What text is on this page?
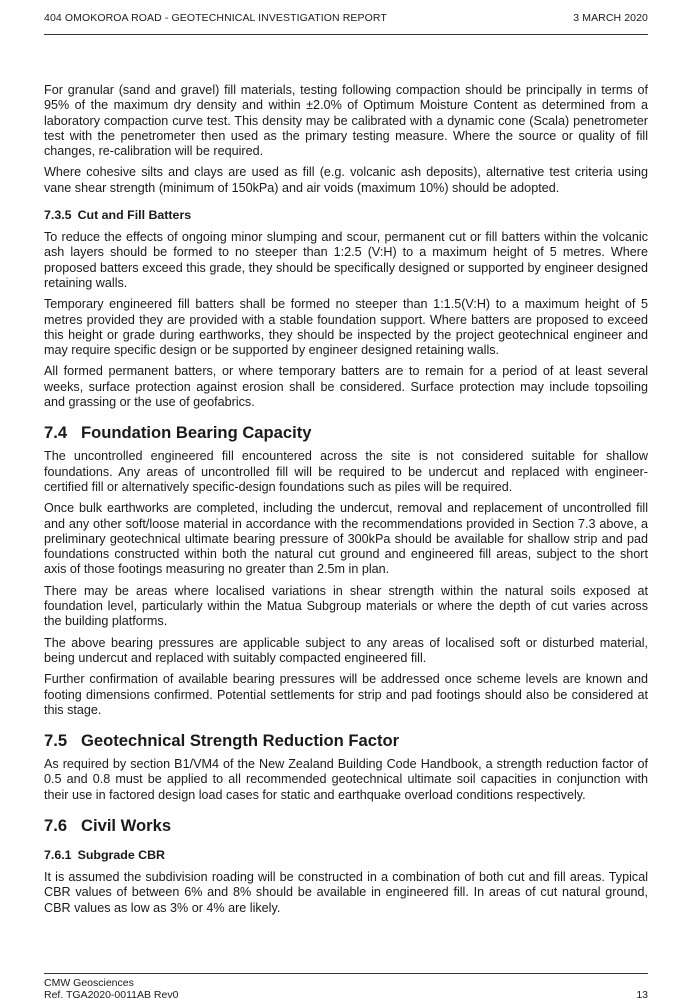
404 OMOKOROA ROAD - GEOTECHNICAL INVESTIGATION REPORT	3 MARCH 2020

For granular (sand and gravel) fill materials, testing following compaction should be principally in terms of 95% of the maximum dry density and within ±2.0% of Optimum Moisture Content as determined from a laboratory compaction curve test. This density may be calibrated with a dynamic cone (Scala) penetrometer test with the penetrometer then used as the primary testing measure. Where the source or quality of fill changes, re-calibration will be required.

Where cohesive silts and clays are used as fill (e.g. volcanic ash deposits), alternative test criteria using vane shear strength (minimum of 150kPa) and air voids (maximum 10%) should be adopted.

7.3.5 Cut and Fill Batters

To reduce the effects of ongoing minor slumping and scour, permanent cut or fill batters within the volcanic ash layers should be formed to no steeper than 1:2.5 (V:H) to a maximum height of 5 metres. Where proposed batters exceed this grade, they should be specifically designed or supported by engineer designed retaining walls.

Temporary engineered fill batters shall be formed no steeper than 1:1.5(V:H) to a maximum height of 5 metres provided they are provided with a stable foundation support. Where batters are proposed to exceed this height or grade during earthworks, they should be inspected by the project geotechnical engineer and may require specific design or be supported by engineer designed retaining walls.

All formed permanent batters, or where temporary batters are to remain for a period of at least several weeks, surface protection against erosion shall be considered. Surface protection may include topsoiling and grassing or the use of geofabrics.

7.4 Foundation Bearing Capacity

The uncontrolled engineered fill encountered across the site is not considered suitable for shallow foundations. Any areas of uncontrolled fill will be required to be undercut and replaced with engineer-certified fill or alternatively specific-design foundations such as piles will be required.

Once bulk earthworks are completed, including the undercut, removal and replacement of uncontrolled fill and any other soft/loose material in accordance with the recommendations provided in Section 7.3 above, a preliminary geotechnical ultimate bearing pressure of 300kPa should be available for shallow strip and pad foundations constructed within both the natural cut ground and engineered fill areas, subject to the short axis of those footings measuring no greater than 2.5m in plan.

There may be areas where localised variations in shear strength within the natural soils exposed at foundation level, particularly within the Matua Subgroup materials or where the depth of cut varies across the building platforms.

The above bearing pressures are applicable subject to any areas of localised soft or disturbed material, being undercut and replaced with suitably compacted engineered fill.

Further confirmation of available bearing pressures will be addressed once scheme levels are known and footing dimensions confirmed. Potential settlements for strip and pad footings should also be considered at this stage.

7.5 Geotechnical Strength Reduction Factor

As required by section B1/VM4 of the New Zealand Building Code Handbook, a strength reduction factor of 0.5 and 0.8 must be applied to all recommended geotechnical ultimate soil capacities in conjunction with their use in factored design load cases for static and earthquake overload conditions respectively.

7.6 Civil Works
7.6.1 Subgrade CBR

It is assumed the subdivision roading will be constructed in a combination of both cut and fill areas. Typical CBR values of between 6% and 8% should be available in engineered fill. In areas of cut natural ground, CBR values as low as 3% or 4% are likely.

CMW Geosciences
Ref. TGA2020-0011AB Rev0	13
